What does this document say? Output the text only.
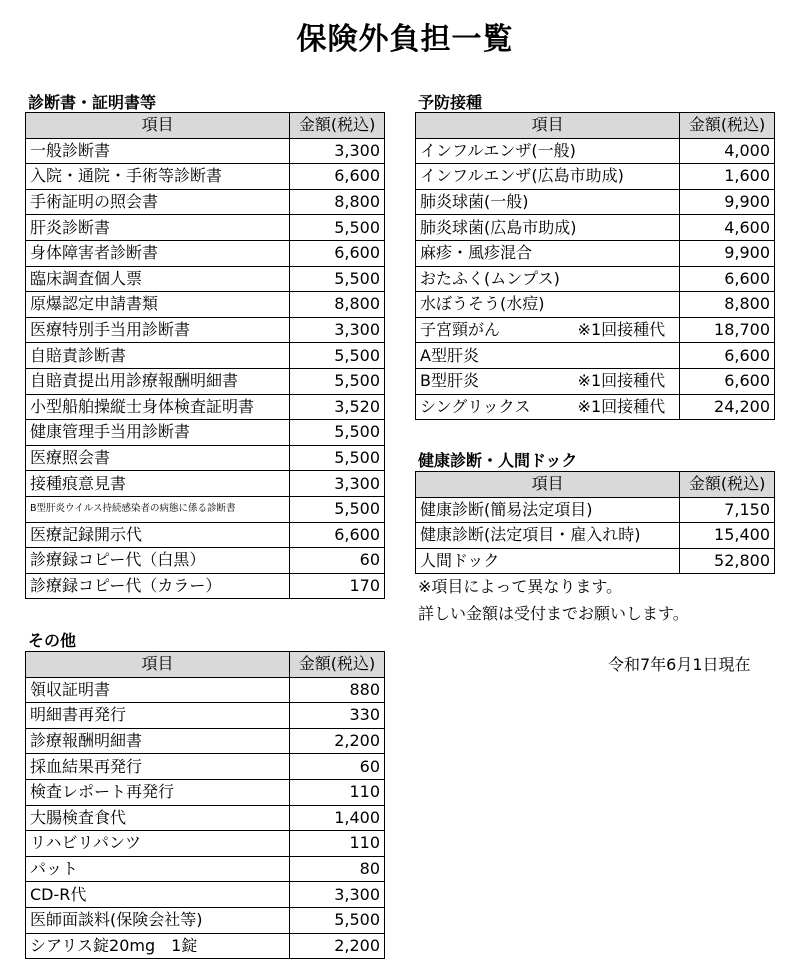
保険外負担一覧
診断書・証明書等
項目	金額(税込)
一般診断書	3,300
入院・通院・手術等診断書	6,600
手術証明の照会書	8,800
肝炎診断書	5,500
身体障害者診断書	6,600
臨床調査個人票	5,500
原爆認定申請書類	8,800
医療特別手当用診断書	3,300
自賠責診断書	5,500
自賠責提出用診療報酬明細書	5,500
小型船舶操縦士身体検査証明書	3,520
健康管理手当用診断書	5,500
医療照会書	5,500
接種痕意見書	3,300
B型肝炎ウイルス持続感染者の病態に係る診断書	5,500
医療記録開示代	6,600
診療録コピー代（白黒）	60
診療録コピー代（カラー）	170
その他
項目	金額(税込)
領収証明書	880
明細書再発行	330
診療報酬明細書	2,200
採血結果再発行	60
検査レポート再発行	110
大腸検査食代	1,400
リハビリパンツ	110
パット	80
CD-R代	3,300
医師面談料(保険会社等)	5,500
シアリス錠20mg　1錠	2,200
予防接種
項目	金額(税込)
インフルエンザ(一般)	4,000
インフルエンザ(広島市助成)	1,600
肺炎球菌(一般)	9,900
肺炎球菌(広島市助成)	4,600
麻疹・風疹混合	9,900
おたふく(ムンプス)	6,600
水ぼうそう(水痘)	8,800
子宮頸がん ※1回接種代	18,700
A型肝炎	6,600
B型肝炎 ※1回接種代	6,600
シングリックス ※1回接種代	24,200
健康診断・人間ドック
項目	金額(税込)
健康診断(簡易法定項目)	7,150
健康診断(法定項目・雇入れ時)	15,400
人間ドック	52,800
※項目によって異なります。
詳しい金額は受付までお願いします。
令和7年6月1日現在
